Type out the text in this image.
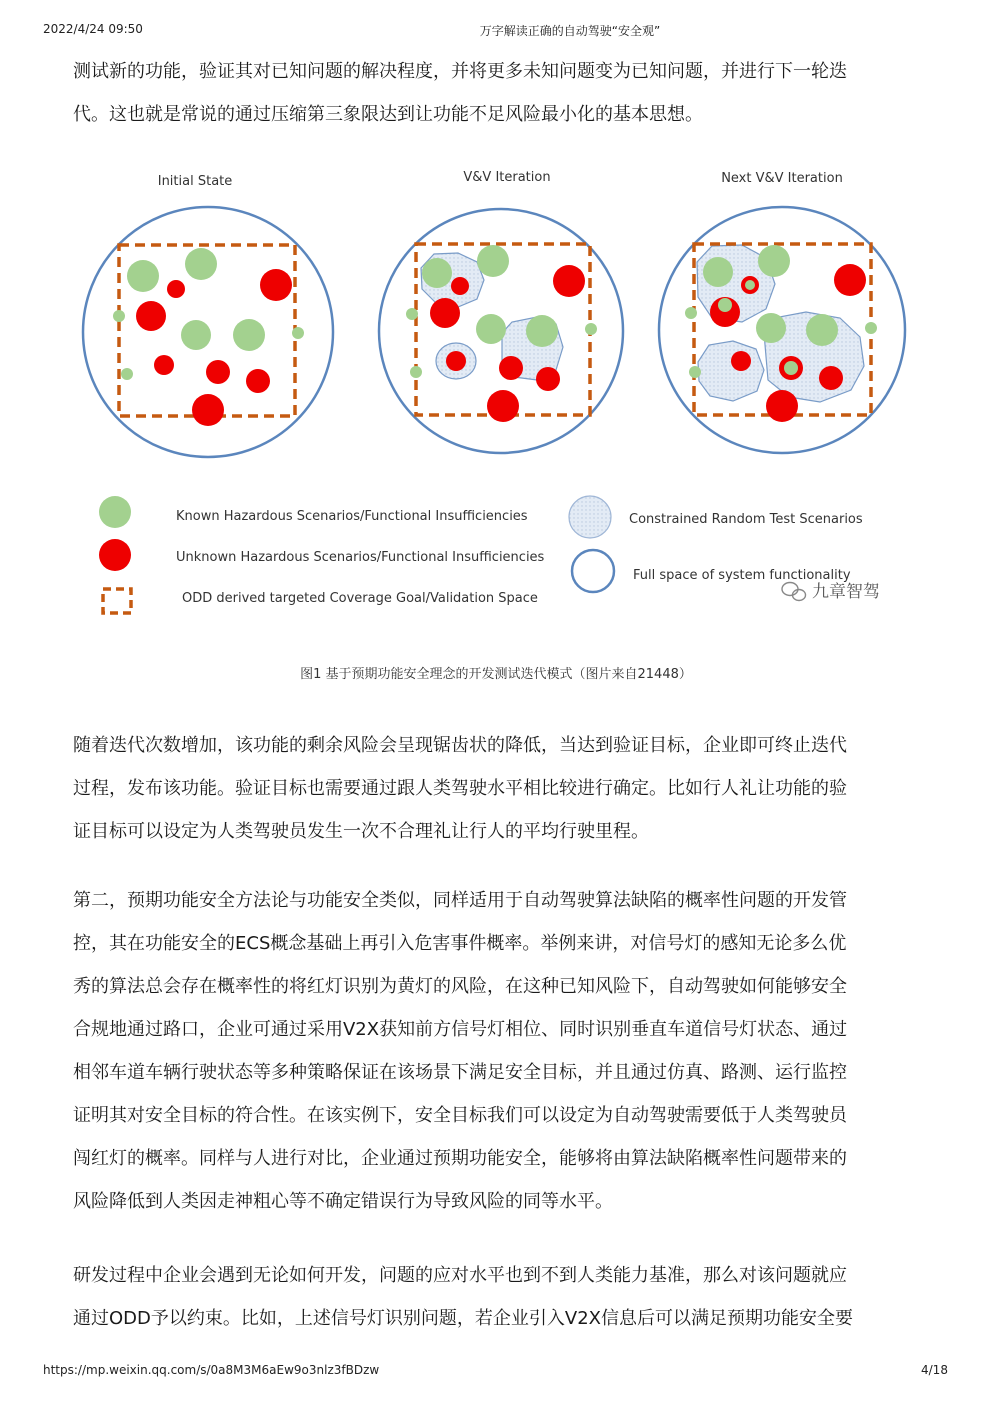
2022/4/24 09:50	万字解读正确的自动驾驶“安全观”
测试新的功能，验证其对已知问题的解决程度，并将更多未知问题变为已知问题，并进行下一轮迭
代。这也就是常说的通过压缩第三象限达到让功能不足风险最小化的基本思想。
Initial State	V&V Iteration	Next V&V Iteration
Known Hazardous Scenarios/Functional Insufficiencies
Unknown Hazardous Scenarios/Functional Insufficiencies
ODD derived targeted Coverage Goal/Validation Space
Constrained Random Test Scenarios
Full space of system functionality
九章智驾
图1 基于预期功能安全理念的开发测试迭代模式（图片来自21448）
随着迭代次数增加，该功能的剩余风险会呈现锯齿状的降低，当达到验证目标，企业即可终止迭代
过程，发布该功能。验证目标也需要通过跟人类驾驶水平相比较进行确定。比如行人礼让功能的验
证目标可以设定为人类驾驶员发生一次不合理礼让行人的平均行驶里程。
第二，预期功能安全方法论与功能安全类似，同样适用于自动驾驶算法缺陷的概率性问题的开发管
控，其在功能安全的ECS概念基础上再引入危害事件概率。举例来讲，对信号灯的感知无论多么优
秀的算法总会存在概率性的将红灯识别为黄灯的风险，在这种已知风险下，自动驾驶如何能够安全
合规地通过路口，企业可通过采用V2X获知前方信号灯相位、同时识别垂直车道信号灯状态、通过
相邻车道车辆行驶状态等多种策略保证在该场景下满足安全目标，并且通过仿真、路测、运行监控
证明其对安全目标的符合性。在该实例下，安全目标我们可以设定为自动驾驶需要低于人类驾驶员
闯红灯的概率。同样与人进行对比，企业通过预期功能安全，能够将由算法缺陷概率性问题带来的
风险降低到人类因走神粗心等不确定错误行为导致风险的同等水平。
研发过程中企业会遇到无论如何开发，问题的应对水平也到不到人类能力基准，那么对该问题就应
通过ODD予以约束。比如，上述信号灯识别问题，若企业引入V2X信息后可以满足预期功能安全要
https://mp.weixin.qq.com/s/0a8M3M6aEw9o3nlz3fBDzw	4/18
